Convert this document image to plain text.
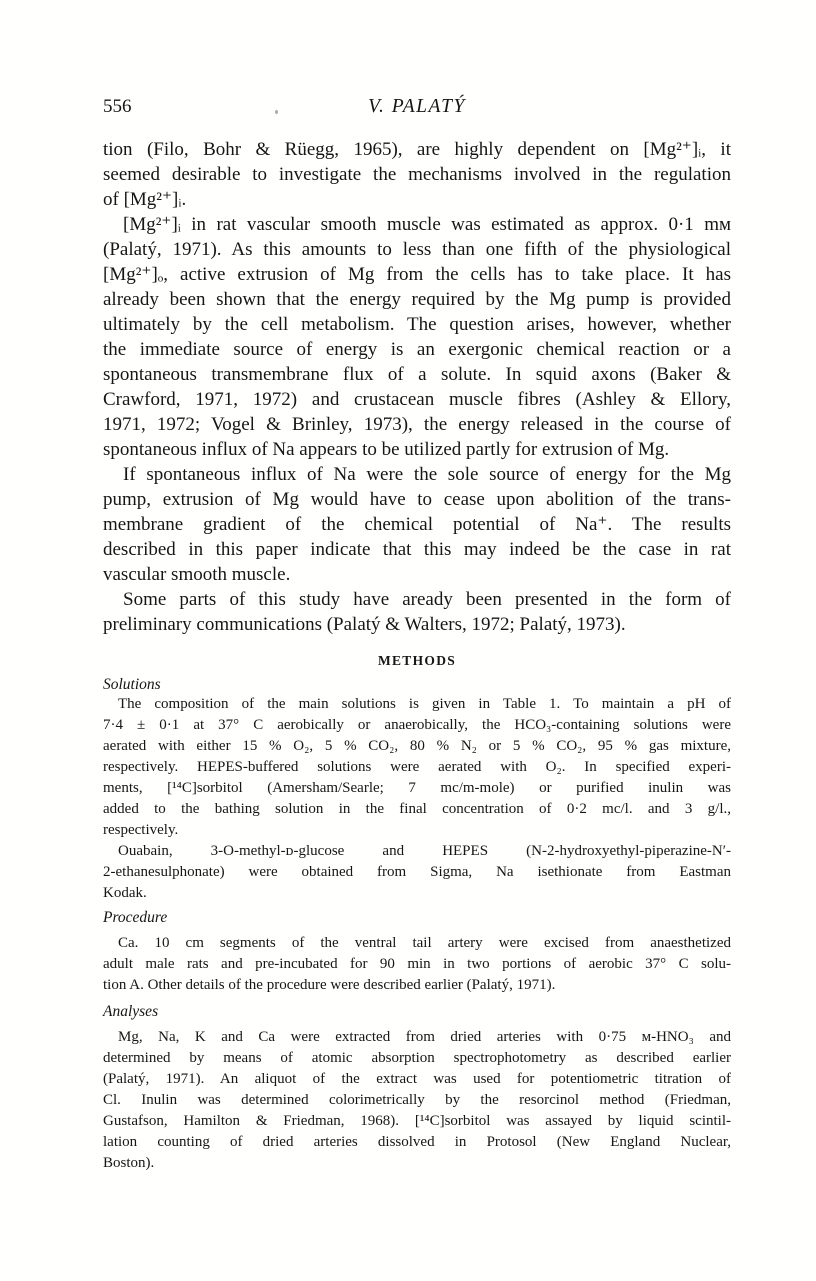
556	V. PALATÝ
tion (Filo, Bohr & Rüegg, 1965), are highly dependent on [Mg²⁺]ᵢ, it
seemed desirable to investigate the mechanisms involved in the regulation
of [Mg²⁺]ᵢ.
[Mg²⁺]ᵢ in rat vascular smooth muscle was estimated as approx. 0·1 mᴍ
(Palatý, 1971). As this amounts to less than one fifth of the physiological
[Mg²⁺]ₒ, active extrusion of Mg from the cells has to take place. It has
already been shown that the energy required by the Mg pump is provided
ultimately by the cell metabolism. The question arises, however, whether
the immediate source of energy is an exergonic chemical reaction or a
spontaneous transmembrane flux of a solute. In squid axons (Baker &
Crawford, 1971, 1972) and crustacean muscle fibres (Ashley & Ellory,
1971, 1972; Vogel & Brinley, 1973), the energy released in the course of
spontaneous influx of Na appears to be utilized partly for extrusion of Mg.
If spontaneous influx of Na were the sole source of energy for the Mg
pump, extrusion of Mg would have to cease upon abolition of the trans-
membrane gradient of the chemical potential of Na⁺. The results
described in this paper indicate that this may indeed be the case in rat
vascular smooth muscle.
Some parts of this study have aready been presented in the form of
preliminary communications (Palatý & Walters, 1972; Palatý, 1973).
METHODS
Solutions
The composition of the main solutions is given in Table 1. To maintain a pH of
7·4 ± 0·1 at 37° C aerobically or anaerobically, the HCO₃-containing solutions were
aerated with either 15 % O₂, 5 % CO₂, 80 % N₂ or 5 % CO₂, 95 % gas mixture,
respectively. HEPES-buffered solutions were aerated with O₂. In specified experi-
ments, [¹⁴C]sorbitol (Amersham/Searle; 7 mc/m-mole) or purified inulin was
added to the bathing solution in the final concentration of 0·2 mc/l. and 3 g/l.,
respectively.
Ouabain, 3-O-methyl-ᴅ-glucose and HEPES (N-2-hydroxyethyl-piperazine-N′-
2-ethanesulphonate) were obtained from Sigma, Na isethionate from Eastman
Kodak.
Procedure
Ca. 10 cm segments of the ventral tail artery were excised from anaesthetized
adult male rats and pre-incubated for 90 min in two portions of aerobic 37° C solu-
tion A. Other details of the procedure were described earlier (Palatý, 1971).
Analyses
Mg, Na, K and Ca were extracted from dried arteries with 0·75 ᴍ-HNO₃ and
determined by means of atomic absorption spectrophotometry as described earlier
(Palatý, 1971). An aliquot of the extract was used for potentiometric titration of
Cl. Inulin was determined colorimetrically by the resorcinol method (Friedman,
Gustafson, Hamilton & Friedman, 1968). [¹⁴C]sorbitol was assayed by liquid scintil-
lation counting of dried arteries dissolved in Protosol (New England Nuclear,
Boston).
